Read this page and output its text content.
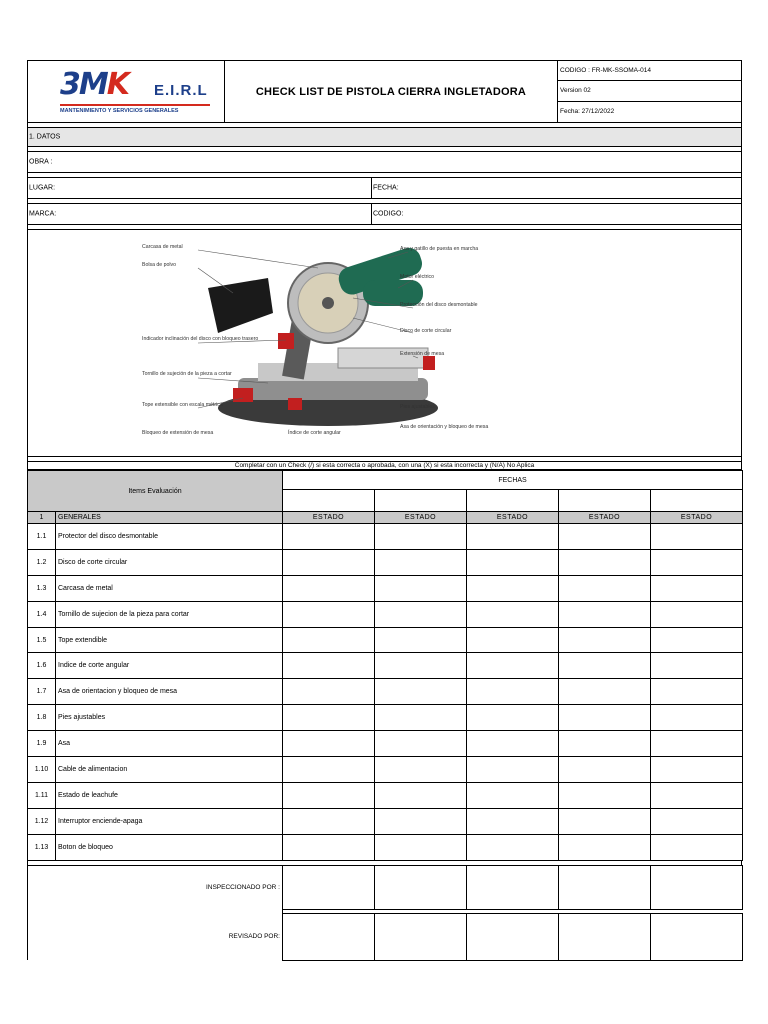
3MK E.I.R.L
MANTENIMIENTO Y SERVICIOS GENERALES
CHECK LIST DE PISTOLA CIERRA INGLETADORA
CODIGO : FR-MK-SSOMA-014
Version 02
Fecha: 27/12/2022
1. DATOS
OBRA :
LUGAR:	FECHA:
MARCA:	CODIGO:
Carcasa de metal
Bolsa de polvo
Indicador inclinación del disco con bloqueo trasero
Tornillo de sujeción de la pieza a cortar
Tope extensible con escala métrica
Bloqueo de extensión de mesa	Índice de corte angular
Asa de orientación y bloqueo de mesa
Pies ajustables
Extensión de mesa
Disco de corte circular
Protección del disco desmontable
Motor eléctrico
Asa y gatillo de puesta en marcha
Completar con un Check (/) si esta correcta o aprobada, con una (X) si esta incorrecta y (N/A) No Aplica
Items Evaluación		FECHAS				

1	GENERALES	ESTADO	ESTADO	ESTADO	ESTADO	ESTADO
1.1	Protector del disco desmontable					
1.2	Disco de corte circular					
1.3	Carcasa de metal					
1.4	Tornillo de sujecion de la pieza para cortar					
1.5	Tope extendible					
1.6	Indice de corte angular					
1.7	Asa de orientacion y bloqueo de mesa					
1.8	Pies ajustables					
1.9	Asa					
1.10	Cable de alimentacion					
1.11	Estado de leachufe					
1.12	Interruptor enciende-apaga					
1.13	Boton de bloqueo					
INSPECCIONADO POR :					

REVISADO POR:					
